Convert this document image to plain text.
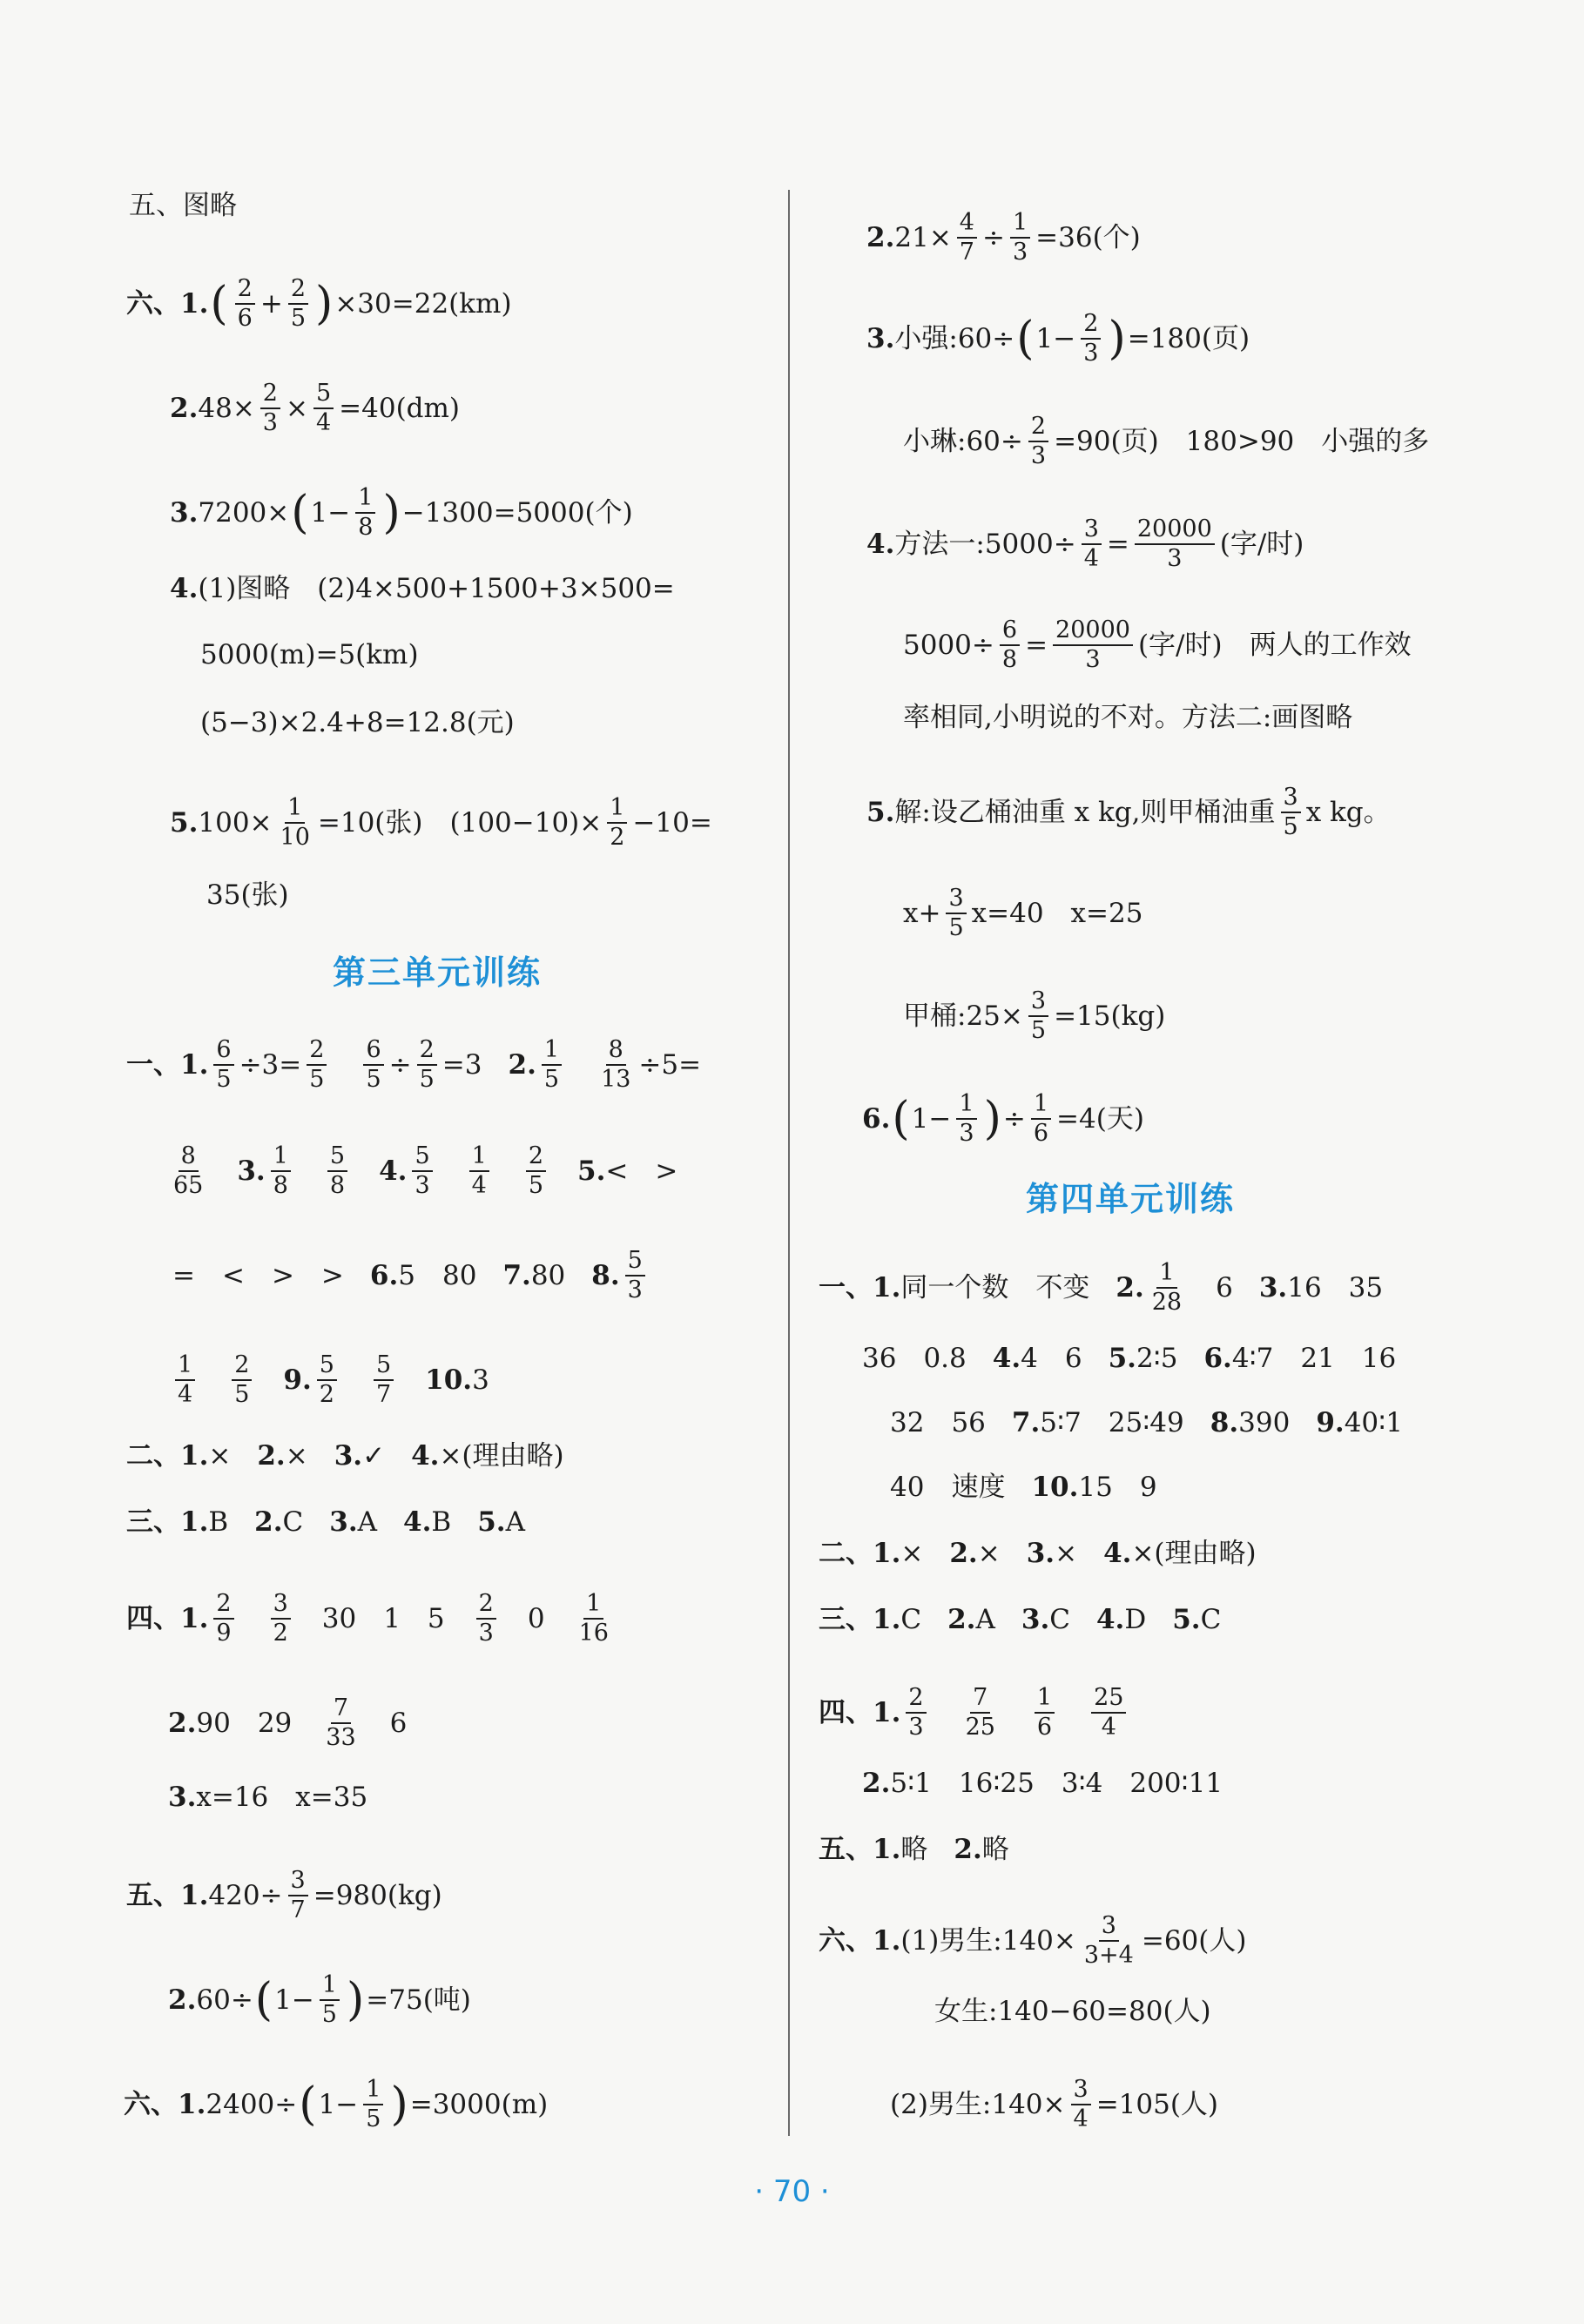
五、图略
六、1. ( 2
$6 + \frac{2}{5}$ ) ×30=22(km)
2. $48\times \frac{2}{3} \times \frac{5}{4} =40(dm)$
3. 7200× ( $1- \frac{1}{8}$ ) −1300=5000(个)
4. (1)图略　(2)4×500+1500+3×500=
5000(m)=5(km)
(5−3)×2.4+8=12.8(元)
5. $100\times \frac{1}{10} =10$(张)　$(100-10)\times \frac{1}{2} -10=$
35(张)
第三单元训练
一、1. $\frac{6}{5} \div 3= \frac{2}{5} \frac{6}{5} \div \frac{2}{5} =3$ 2. 1
$5 \frac{8}{13} \div 5=$
8
65 3. 1
8
5
8 4. 5
3
1
4
2
5 5. <　>
=　<　>　> 6. 5　80 7. 80 8. 5
3
1
4
2
5 9. 5
2
5
7 10. 3
二、1. × 2. × 3. ✓ 4. ×(理由略)
三、1. B 2. C 3. A 4. B 5. A
四、1. 2
9
3
2 30　1　5 2
3 0 1
16
2. 90　29 7
33 6
3. x=16　x=35
五、1. $420\div \frac{3}{7} =980(kg)$
2. 60÷ ( $1- \frac{1}{5}$ ) =75(吨)
六、1. 2400÷ ( $1- \frac{1}{5}$ ) =3000(m)
2. $21\times \frac{4}{7} \div \frac{1}{3} =36$(个)
3. 小强:60÷ ( $1- \frac{2}{3}$ ) =180(页)
小琳:60÷ $\frac{2}{3} =90$(页)　180>90　小强的多
4. 方法一:5000÷ $\frac{3}{4} = \frac{20000}{3}$ (字/时)
$5000\div \frac{6}{8} = \frac{20000}{3}$ (字/时)　两人的工作效
率相同,小明说的不对。方法二:画图略
5. 解:设乙桶油重 x kg,则甲桶油重 3
5 x kg。
$x+ \frac{3}{5} x=40$　x=25
甲桶:25× $\frac{3}{5} =15(kg)$
6. ( $1- \frac{1}{3}$ ) ÷ $\frac{1}{6} =4$(天)
第四单元训练
一、1. 同一个数　不变 2. 1
28 6 3. 16　35
36　0.8 4. 4　6 5. 2∶5 6. 4∶7　21　16
32　56 7. 5∶7　25∶49 8. 390 9. 40∶1
40　速度 10. 15　9
二、1. × 2. × 3. × 4. ×(理由略)
三、1. C 2. A 3. C 4. D 5. C
四、1. 2
3
7
25
1
6
25
4
2. 5∶1　16∶25　3∶4　200∶11
五、1. 略 2. 略
六、1. (1)男生:140× $\frac{3}{3+4} =60$(人)
女生:140−60=80(人)
(2)男生:140× $\frac{3}{4} =105$(人)
· 70 ·
